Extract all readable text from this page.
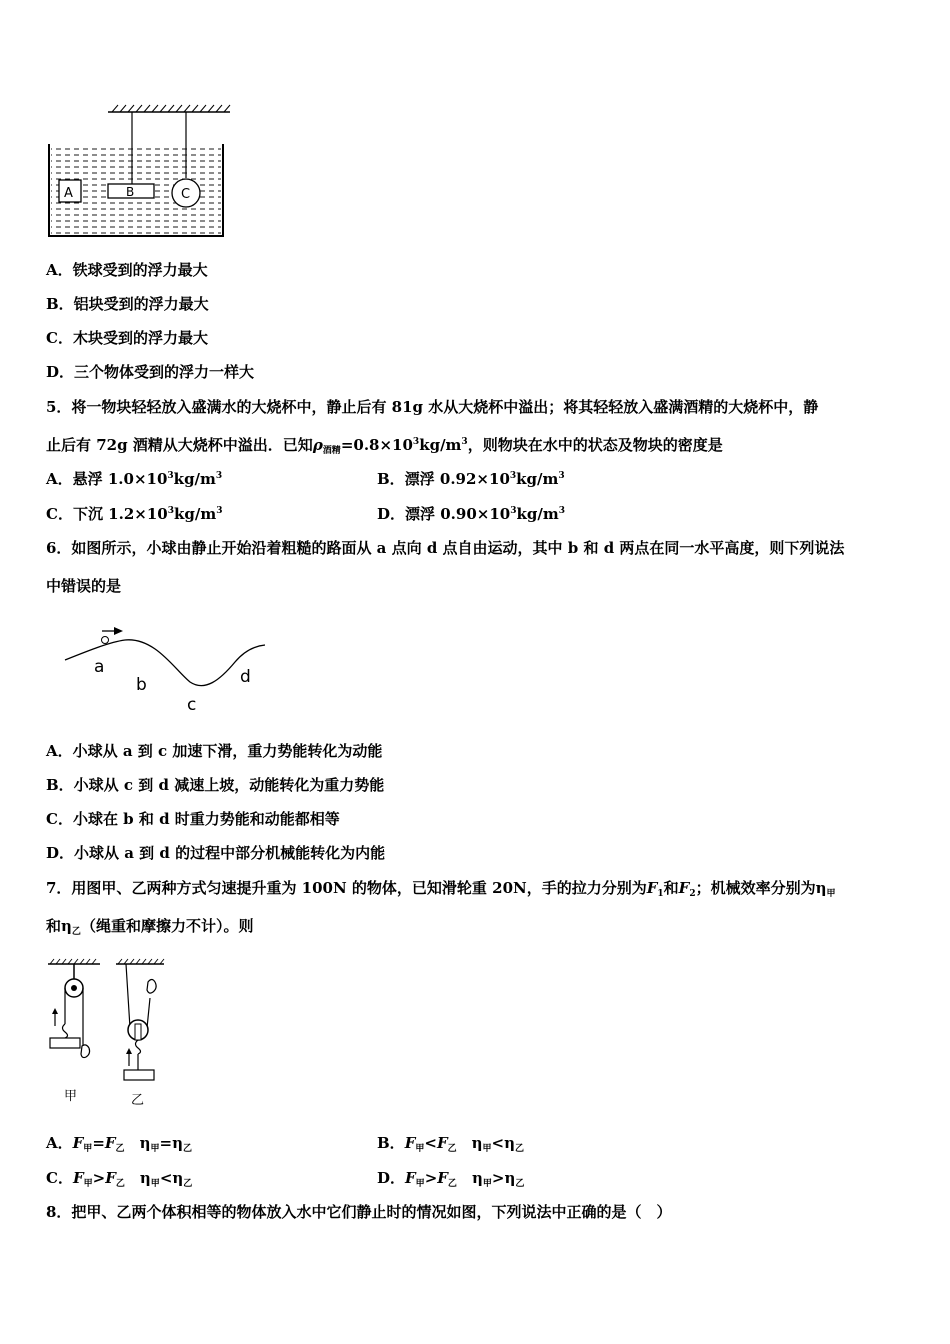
A	B	C
A．铁球受到的浮力最大
B．铝块受到的浮力最大
C．木块受到的浮力最大
D．三个物体受到的浮力一样大
5．将一物块轻轻放入盛满水的大烧杯中，静止后有 81g 水从大烧杯中溢出；将其轻轻放入盛满酒精的大烧杯中，静
止后有 72g 酒精从大烧杯中溢出．已知$\rho_{酒精}=0.8\times 10^3kg/m^3$，则物块在水中的状态及物块的密度是
A．悬浮 $1.0\times 10^3kg/m^3$	B．漂浮 $0.92\times 10^3kg/m^3$
C．下沉 $1.2\times 10^3kg/m^3$	D．漂浮 $0.90\times 10^3kg/m^3$
6．如图所示，小球由静止开始沿着粗糙的路面从 a 点向 d 点自由运动，其中 b 和 d 两点在同一水平高度，则下列说法
中错误的是
a
b
c
d
A．小球从 a 到 c 加速下滑，重力势能转化为动能
B．小球从 c 到 d 减速上坡，动能转化为重力势能
C．小球在 b 和 d 时重力势能和动能都相等
D．小球从 a 到 d 的过程中部分机械能转化为内能
7．用图甲、乙两种方式匀速提升重为 100N 的物体，已知滑轮重 20N，手的拉力分别为$F_1$和$F_2$；机械效率分别为$\eta_甲$
和$\eta_乙$（绳重和摩擦力不计）。则
甲	乙
A．$F_甲=F_乙$　 $\eta_甲=\eta_乙$	B．$F_甲<F_乙$　 $\eta_甲<\eta_乙$
C．$F_甲>F_乙$　 $\eta_甲<\eta_乙$	D．$F_甲>F_乙$　 $\eta_甲>\eta_乙$
8．把甲、乙两个体积相等的物体放入水中它们静止时的情况如图，下列说法中正确的是（　）
